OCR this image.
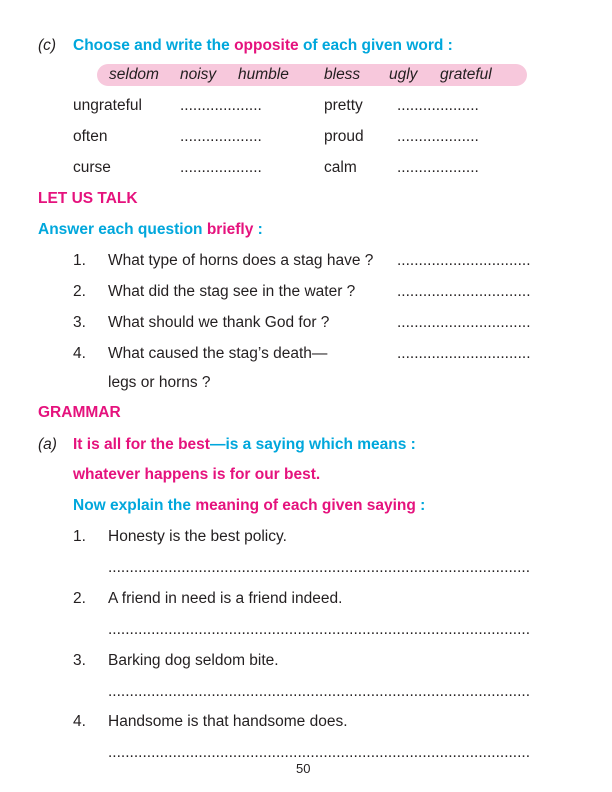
(c) Choose and write the opposite of each given word :
seldom noisy humble bless ugly grateful
ungrateful ...................	pretty ...................
often	...................	proud ...................
curse	...................	calm	...................
LET US TALK
Answer each question briefly :
1. What type of horns does a stag have ? ...............................
2. What did the stag see in the water ?	...............................
3. What should we thank God for ?	...............................
4. What caused the stag’s death—	...............................
legs or horns ?
GRAMMAR
(a) It is all for the best—is a saying which means :
whatever happens is for our best.
Now explain the meaning of each given saying :
1. Honesty is the best policy.
..................................................................................................
2. A friend in need is a friend indeed.
..................................................................................................
3. Barking dog seldom bite.
..................................................................................................
4. Handsome is that handsome does.
..................................................................................................
50
